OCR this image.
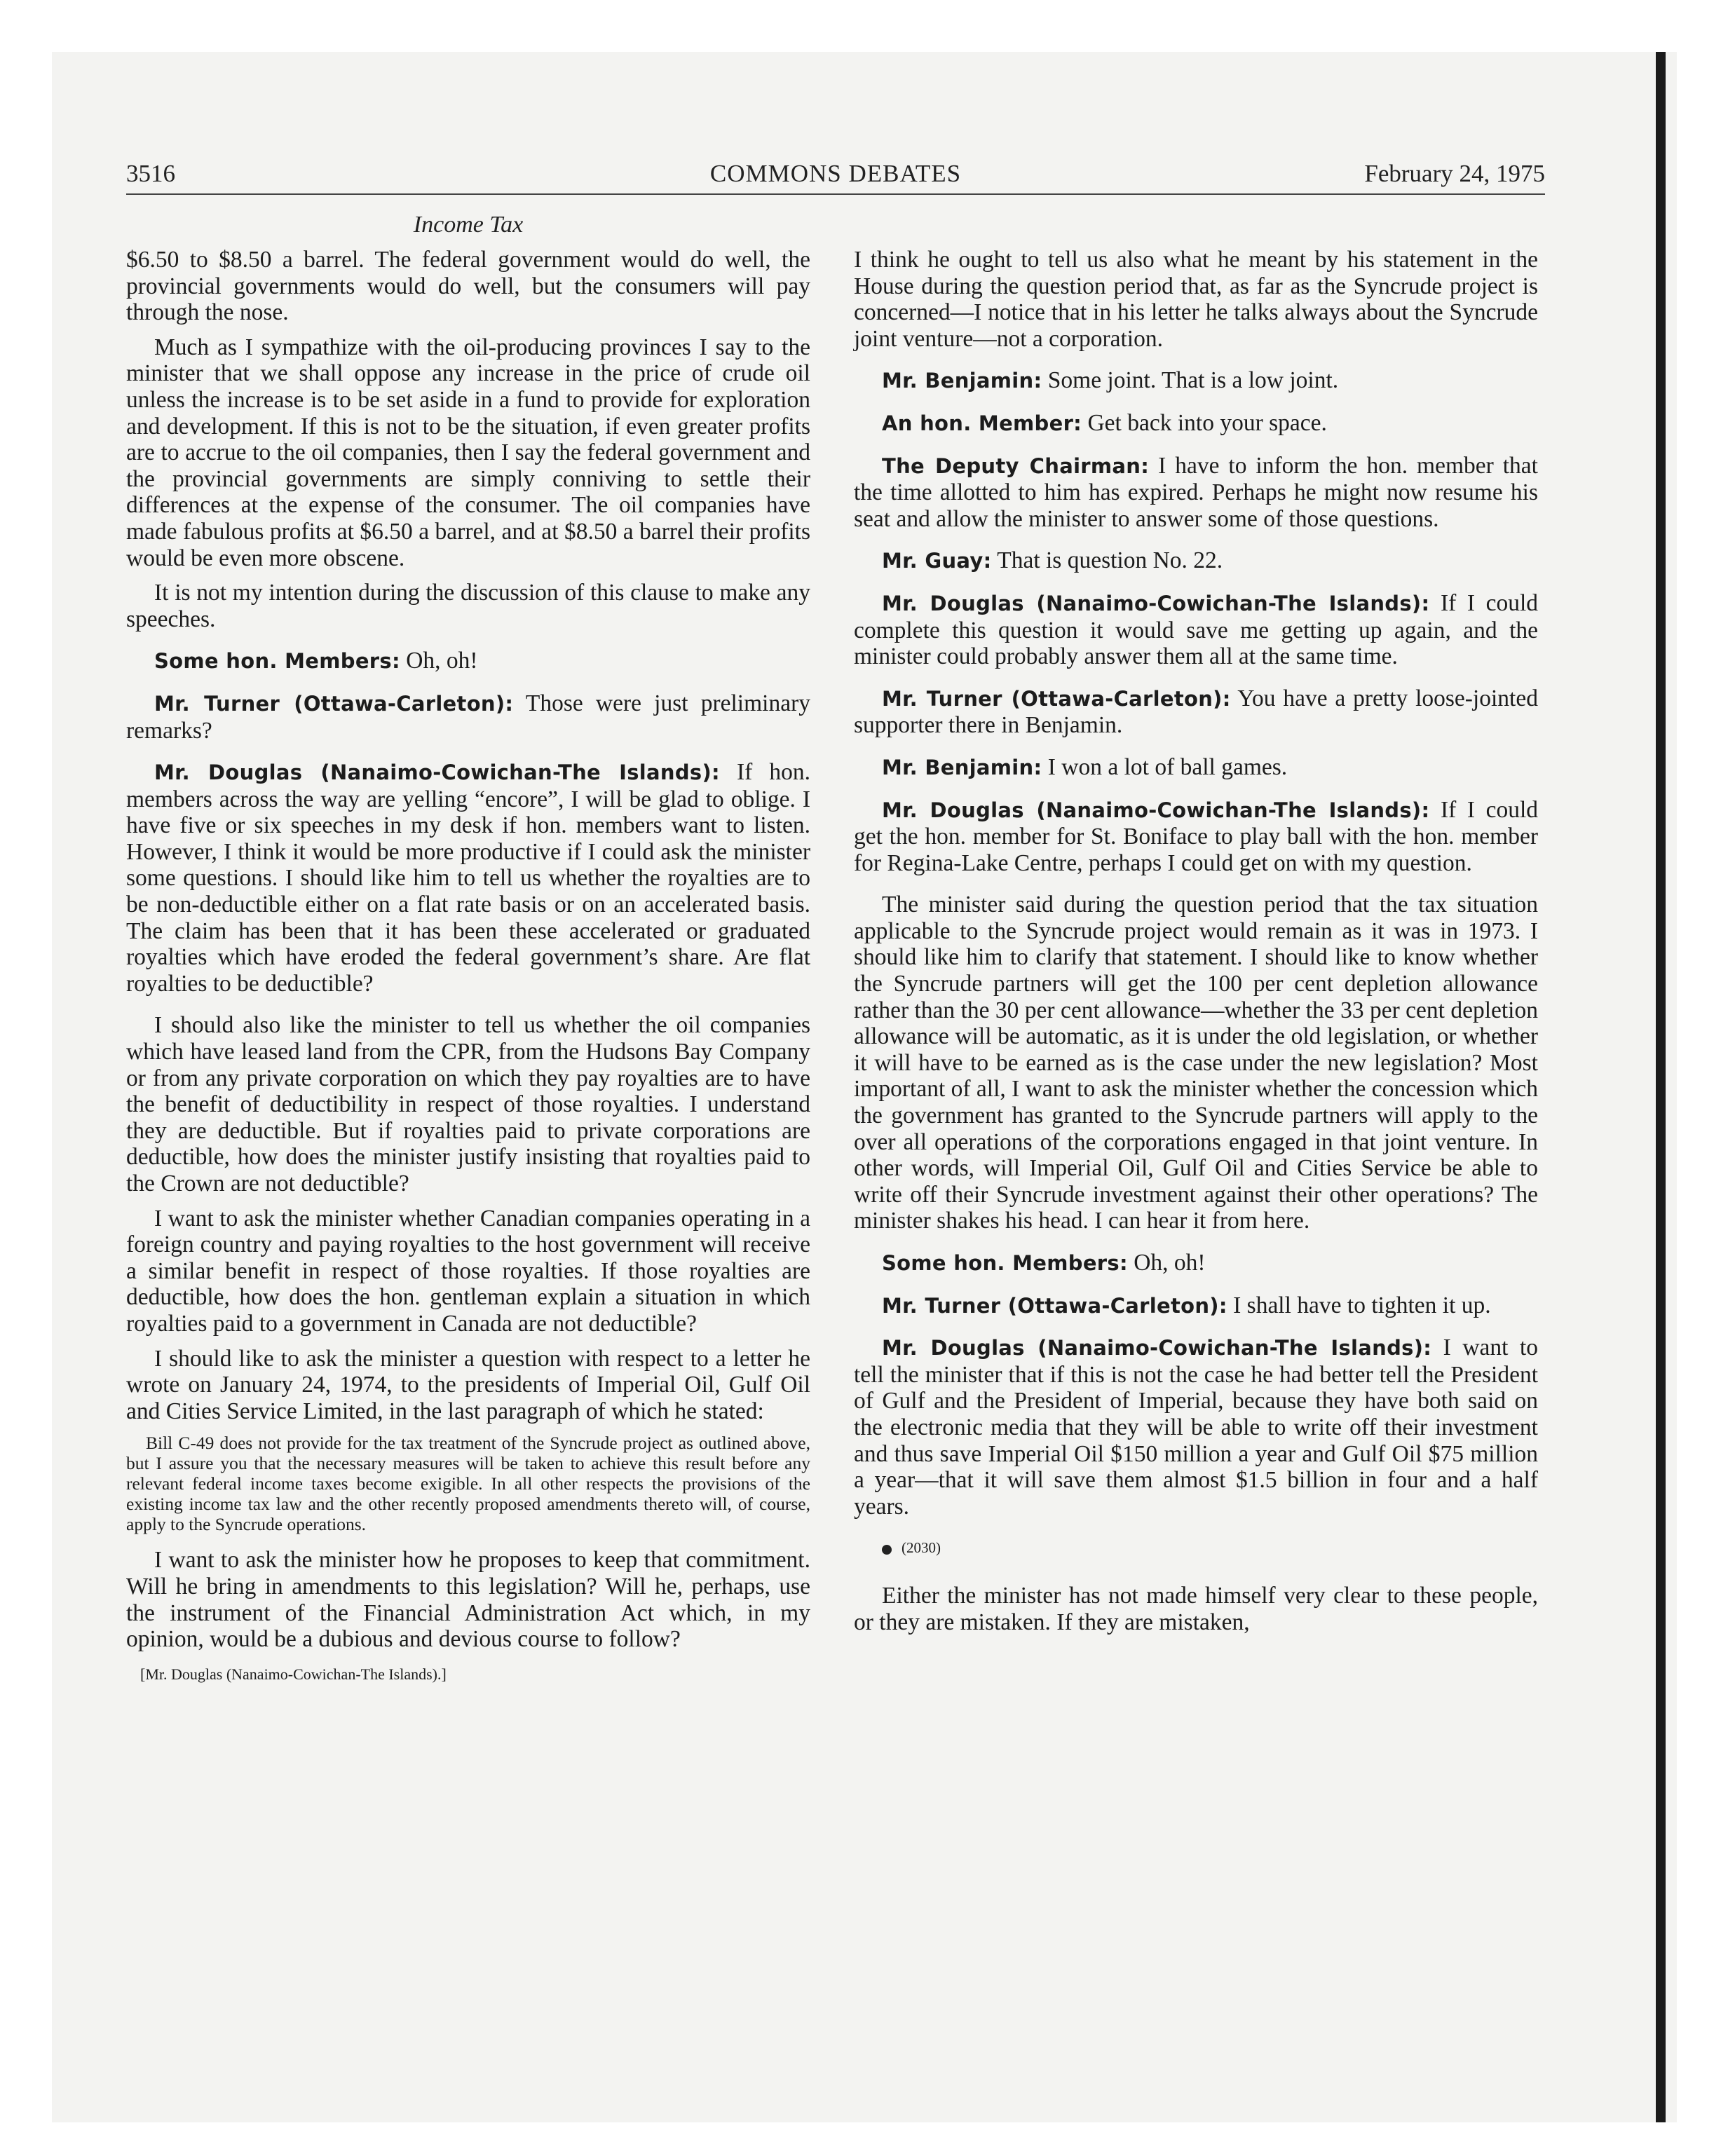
3516	COMMONS DEBATES	February 24, 1975
Income Tax

$6.50 to $8.50 a barrel. The federal government would do well, the provincial governments would do well, but the consumers will pay through the nose.

Much as I sympathize with the oil-producing provinces I say to the minister that we shall oppose any increase in the price of crude oil unless the increase is to be set aside in a fund to provide for exploration and development. If this is not to be the situation, if even greater profits are to accrue to the oil companies, then I say the federal government and the provincial governments are simply conniving to settle their differences at the expense of the consumer. The oil companies have made fabulous profits at $6.50 a barrel, and at $8.50 a barrel their profits would be even more obscene.

It is not my intention during the discussion of this clause to make any speeches.

Some hon. Members: Oh, oh!

Mr. Turner (Ottawa-Carleton): Those were just preliminary remarks?

Mr. Douglas (Nanaimo-Cowichan-The Islands): If hon. members across the way are yelling “encore”, I will be glad to oblige. I have five or six speeches in my desk if hon. members want to listen. However, I think it would be more productive if I could ask the minister some questions. I should like him to tell us whether the royalties are to be non-deductible either on a flat rate basis or on an accelerated basis. The claim has been that it has been these accelerated or graduated royalties which have eroded the federal government’s share. Are flat royalties to be deductible?

I should also like the minister to tell us whether the oil companies which have leased land from the CPR, from the Hudsons Bay Company or from any private corporation on which they pay royalties are to have the benefit of deductibility in respect of those royalties. I understand they are deductible. But if royalties paid to private corporations are deductible, how does the minister justify insisting that royalties paid to the Crown are not deductible?

I want to ask the minister whether Canadian companies operating in a foreign country and paying royalties to the host government will receive a similar benefit in respect of those royalties. If those royalties are deductible, how does the hon. gentleman explain a situation in which royalties paid to a government in Canada are not deductible?

I should like to ask the minister a question with respect to a letter he wrote on January 24, 1974, to the presidents of Imperial Oil, Gulf Oil and Cities Service Limited, in the last paragraph of which he stated:

Bill C-49 does not provide for the tax treatment of the Syncrude project as outlined above, but I assure you that the necessary measures will be taken to achieve this result before any relevant federal income taxes become exigible. In all other respects the provisions of the existing income tax law and the other recently proposed amendments thereto will, of course, apply to the Syncrude operations.

I want to ask the minister how he proposes to keep that commitment. Will he bring in amendments to this legislation? Will he, perhaps, use the instrument of the Financial Administration Act which, in my opinion, would be a dubious and devious course to follow?

[Mr. Douglas (Nanaimo-Cowichan-The Islands).]

I think he ought to tell us also what he meant by his statement in the House during the question period that, as far as the Syncrude project is concerned—I notice that in his letter he talks always about the Syncrude joint venture—not a corporation.

Mr. Benjamin: Some joint. That is a low joint.

An hon. Member: Get back into your space.

The Deputy Chairman: I have to inform the hon. member that the time allotted to him has expired. Perhaps he might now resume his seat and allow the minister to answer some of those questions.

Mr. Guay: That is question No. 22.

Mr. Douglas (Nanaimo-Cowichan-The Islands): If I could complete this question it would save me getting up again, and the minister could probably answer them all at the same time.

Mr. Turner (Ottawa-Carleton): You have a pretty loose-jointed supporter there in Benjamin.

Mr. Benjamin: I won a lot of ball games.

Mr. Douglas (Nanaimo-Cowichan-The Islands): If I could get the hon. member for St. Boniface to play ball with the hon. member for Regina-Lake Centre, perhaps I could get on with my question.

The minister said during the question period that the tax situation applicable to the Syncrude project would remain as it was in 1973. I should like him to clarify that statement. I should like to know whether the Syncrude partners will get the 100 per cent depletion allowance rather than the 30 per cent allowance—whether the 33 per cent depletion allowance will be automatic, as it is under the old legislation, or whether it will have to be earned as is the case under the new legislation? Most important of all, I want to ask the minister whether the concession which the government has granted to the Syncrude partners will apply to the over all operations of the corporations engaged in that joint venture. In other words, will Imperial Oil, Gulf Oil and Cities Service be able to write off their Syncrude investment against their other operations? The minister shakes his head. I can hear it from here.

Some hon. Members: Oh, oh!

Mr. Turner (Ottawa-Carleton): I shall have to tighten it up.

Mr. Douglas (Nanaimo-Cowichan-The Islands): I want to tell the minister that if this is not the case he had better tell the President of Gulf and the President of Imperial, because they have both said on the electronic media that they will be able to write off their investment and thus save Imperial Oil $150 million a year and Gulf Oil $75 million a year—that it will save them almost $1.5 billion in four and a half years.

(2030)

Either the minister has not made himself very clear to these people, or they are mistaken. If they are mistaken,
